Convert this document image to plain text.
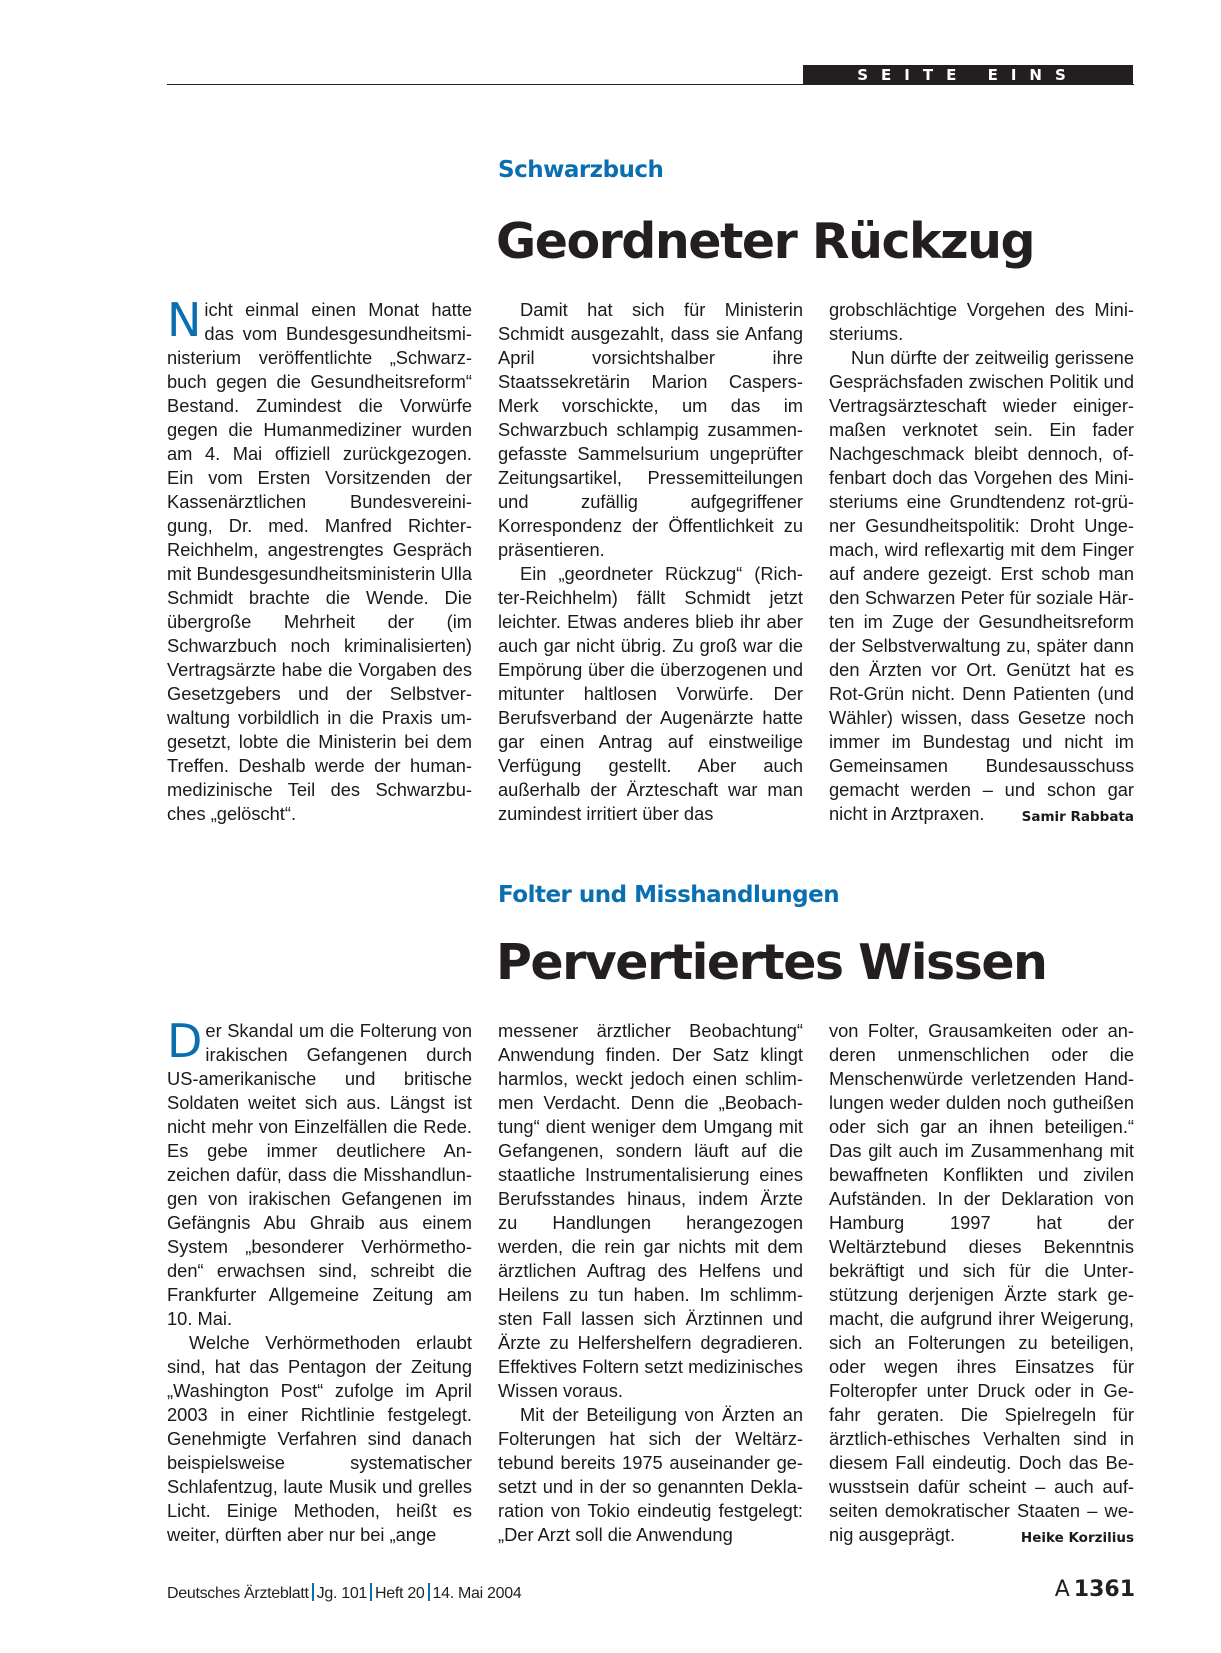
SEITE EINS
Schwarzbuch
Geordneter Rückzug

Nicht einmal einen Monat hatte das vom Bundesgesundheitsministerium veröffentlichte „Schwarzbuch gegen die Gesundheitsreform“ Bestand. Zumindest die Vorwürfe gegen die Humanmediziner wurden am 4. Mai offiziell zurückgezogen. Ein vom Ersten Vorsitzenden der Kassenärztlichen Bundesvereinigung, Dr. med. Manfred Richter-Reichhelm, angestrengtes Gespräch mit Bundesgesundheitsministerin Ulla Schmidt brachte die Wende. Die übergroße Mehrheit der (im Schwarzbuch noch kriminalisierten) Vertragsärzte habe die Vorgaben des Gesetzgebers und der Selbstverwaltung vorbildlich in die Praxis umgesetzt, lobte die Ministerin bei dem Treffen. Deshalb werde der humanmedizinische Teil des Schwarzbuches „gelöscht“.

Damit hat sich für Ministerin Schmidt ausgezahlt, dass sie Anfang April vorsichtshalber ihre Staatssekretärin Marion Caspers-Merk vorschickte, um das im Schwarzbuch schlampig zusammengefasste Sammelsurium ungeprüfter Zeitungsartikel, Pressemitteilungen und zufällig aufgegriffener Korrespondenz der Öffentlichkeit zu präsentieren.

Ein „geordneter Rückzug“ (Richter-Reichhelm) fällt Schmidt jetzt leichter. Etwas anderes blieb ihr aber auch gar nicht übrig. Zu groß war die Empörung über die überzogenen und mitunter haltlosen Vorwürfe. Der Berufsverband der Augenärzte hatte gar einen Antrag auf einstweilige Verfügung gestellt. Aber auch außerhalb der Ärzteschaft war man zumindest irritiert über das

grobschlächtige Vorgehen des Ministeriums.

Nun dürfte der zeitweilig gerissene Gesprächsfaden zwischen Politik und Vertragsärzteschaft wieder einigermaßen verknotet sein. Ein fader Nachgeschmack bleibt dennoch, offenbart doch das Vorgehen des Ministeriums eine Grundtendenz rot-grüner Gesundheitspolitik: Droht Ungemach, wird reflexartig mit dem Finger auf andere gezeigt. Erst schob man den Schwarzen Peter für soziale Härten im Zuge der Gesundheitsreform der Selbstverwaltung zu, später dann den Ärzten vor Ort. Genützt hat es Rot-Grün nicht. Denn Patienten (und Wähler) wissen, dass Gesetze noch immer im Bundestag und nicht im Gemeinsamen Bundesausschuss gemacht werden – und schon gar nicht in Arztpraxen.	Samir Rabbata

Folter und Misshandlungen
Pervertiertes Wissen

Der Skandal um die Folterung von irakischen Gefangenen durch US-amerikanische und britische Soldaten weitet sich aus. Längst ist nicht mehr von Einzelfällen die Rede. Es gebe immer deutlichere Anzeichen dafür, dass die Misshandlungen von irakischen Gefangenen im Gefängnis Abu Ghraib aus einem System „besonderer Verhörmethoden“ erwachsen sind, schreibt die Frankfurter Allgemeine Zeitung am 10. Mai.

Welche Verhörmethoden erlaubt sind, hat das Pentagon der Zeitung „Washington Post“ zufolge im April 2003 in einer Richtlinie festgelegt. Genehmigte Verfahren sind danach beispielsweise systematischer Schlafentzug, laute Musik und grelles Licht. Einige Methoden, heißt es weiter, dürften aber nur bei „ange

messener ärztlicher Beobachtung“ Anwendung finden. Der Satz klingt harmlos, weckt jedoch einen schlimmen Verdacht. Denn die „Beobachtung“ dient weniger dem Umgang mit Gefangenen, sondern läuft auf die staatliche Instrumentalisierung eines Berufsstandes hinaus, indem Ärzte zu Handlungen herangezogen werden, die rein gar nichts mit dem ärztlichen Auftrag des Helfens und Heilens zu tun haben. Im schlimmsten Fall lassen sich Ärztinnen und Ärzte zu Helfershelfern degradieren. Effektives Foltern setzt medizinisches Wissen voraus.

Mit der Beteiligung von Ärzten an Folterungen hat sich der Weltärztebund bereits 1975 auseinander gesetzt und in der so genannten Deklaration von Tokio eindeutig festgelegt: „Der Arzt soll die Anwendung

von Folter, Grausamkeiten oder anderen unmenschlichen oder die Menschenwürde verletzenden Handlungen weder dulden noch gutheißen oder sich gar an ihnen beteiligen.“ Das gilt auch im Zusammenhang mit bewaffneten Konflikten und zivilen Aufständen. In der Deklaration von Hamburg 1997 hat der Weltärztebund dieses Bekenntnis bekräftigt und sich für die Unterstützung derjenigen Ärzte stark gemacht, die aufgrund ihrer Weigerung, sich an Folterungen zu beteiligen, oder wegen ihres Einsatzes für Folteropfer unter Druck oder in Gefahr geraten. Die Spielregeln für ärztlich-ethisches Verhalten sind in diesem Fall eindeutig. Doch das Bewusstsein dafür scheint – auch aufseiten demokratischer Staaten – wenig ausgeprägt.	Heike Korzilius

Deutsches Ärzteblatt Jg. 101 Heft 20 14. Mai 2004	A 1361
